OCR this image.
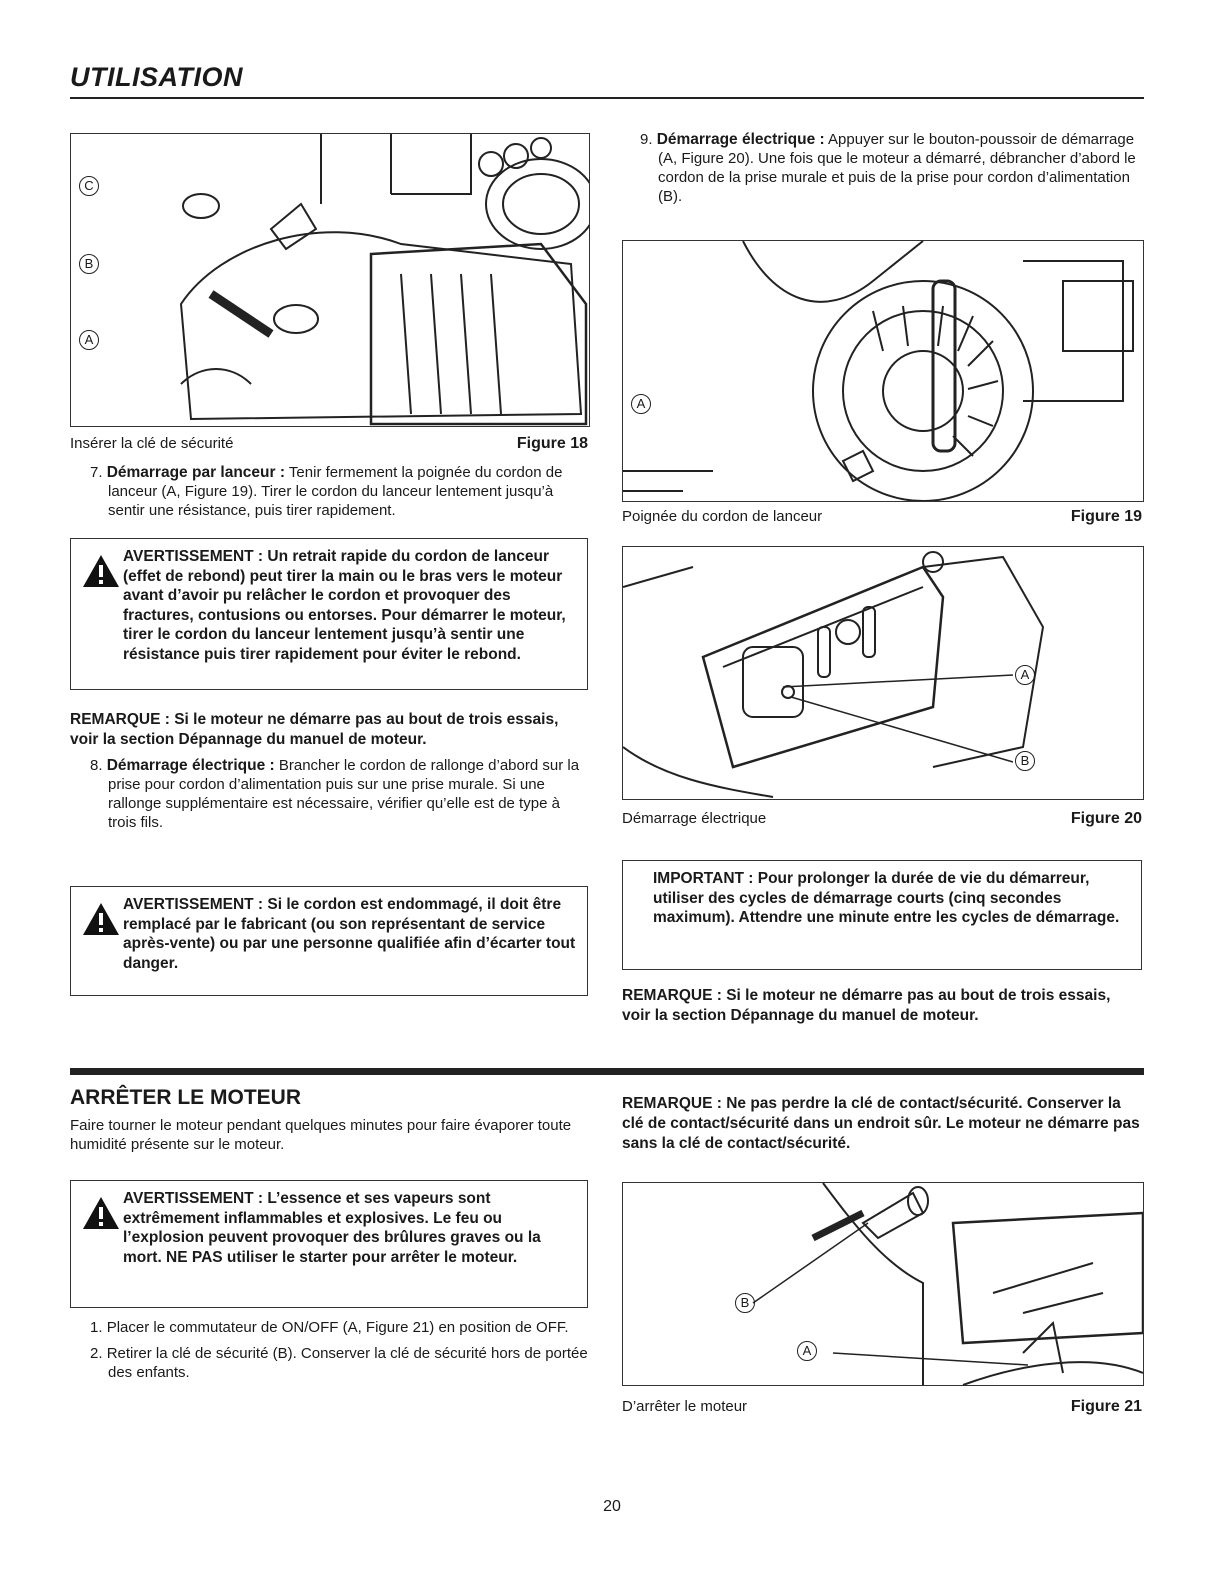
UTILISATION
C
B
A
Insérer la clé de sécurité	Figure 18
7. Démarrage par lanceur : Tenir fermement la poignée du cordon de lanceur (A, Figure 19). Tirer le cordon du lanceur lentement jusqu’à sentir une résistance, puis tirer rapidement.
AVERTISSEMENT : Un retrait rapide du cordon de lanceur (effet de rebond) peut tirer la main ou le bras vers le moteur avant d’avoir pu relâcher le cordon et provoquer des fractures, contusions ou entorses. Pour démarrer le moteur, tirer le cordon du lanceur lentement jusqu’à sentir une résistance puis tirer rapidement pour éviter le rebond.
REMARQUE : Si le moteur ne démarre pas au bout de trois essais, voir la section Dépannage du manuel de moteur.
8. Démarrage électrique : Brancher le cordon de rallonge d’abord sur la prise pour cordon d’alimentation puis sur une prise murale. Si une rallonge supplémentaire est nécessaire, vérifier qu’elle est de type à trois fils.
AVERTISSEMENT : Si le cordon est endommagé, il doit être remplacé par le fabricant (ou son représentant de service après-vente) ou par une personne qualifiée afin d’écarter tout danger.
9. Démarrage électrique : Appuyer sur le bouton-poussoir de démarrage (A, Figure 20). Une fois que le moteur a démarré, débrancher d’abord le cordon de la prise murale et puis de la prise pour cordon d’alimentation (B).
A
Poignée du cordon de lanceur	Figure 19
A
B
Démarrage électrique	Figure 20
IMPORTANT : Pour prolonger la durée de vie du démarreur, utiliser des cycles de démarrage courts (cinq secondes maximum). Attendre une minute entre les cycles de démarrage.
REMARQUE : Si le moteur ne démarre pas au bout de trois essais, voir la section Dépannage du manuel de moteur.
ARRÊTER LE MOTEUR
Faire tourner le moteur pendant quelques minutes pour faire évaporer toute humidité présente sur le moteur.
AVERTISSEMENT : L’essence et ses vapeurs sont extrêmement inflammables et explosives. Le feu ou l’explosion peuvent provoquer des brûlures graves ou la mort. NE PAS utiliser le starter pour arrêter le moteur.
1. Placer le commutateur de ON/OFF (A, Figure 21) en position de OFF.
2. Retirer la clé de sécurité (B). Conserver la clé de sécurité hors de portée des enfants.
REMARQUE : Ne pas perdre la clé de contact/sécurité. Conserver la clé de contact/sécurité dans un endroit sûr. Le moteur ne démarre pas sans la clé de contact/sécurité.
B
A
D’arrêter le moteur	Figure 21
20
